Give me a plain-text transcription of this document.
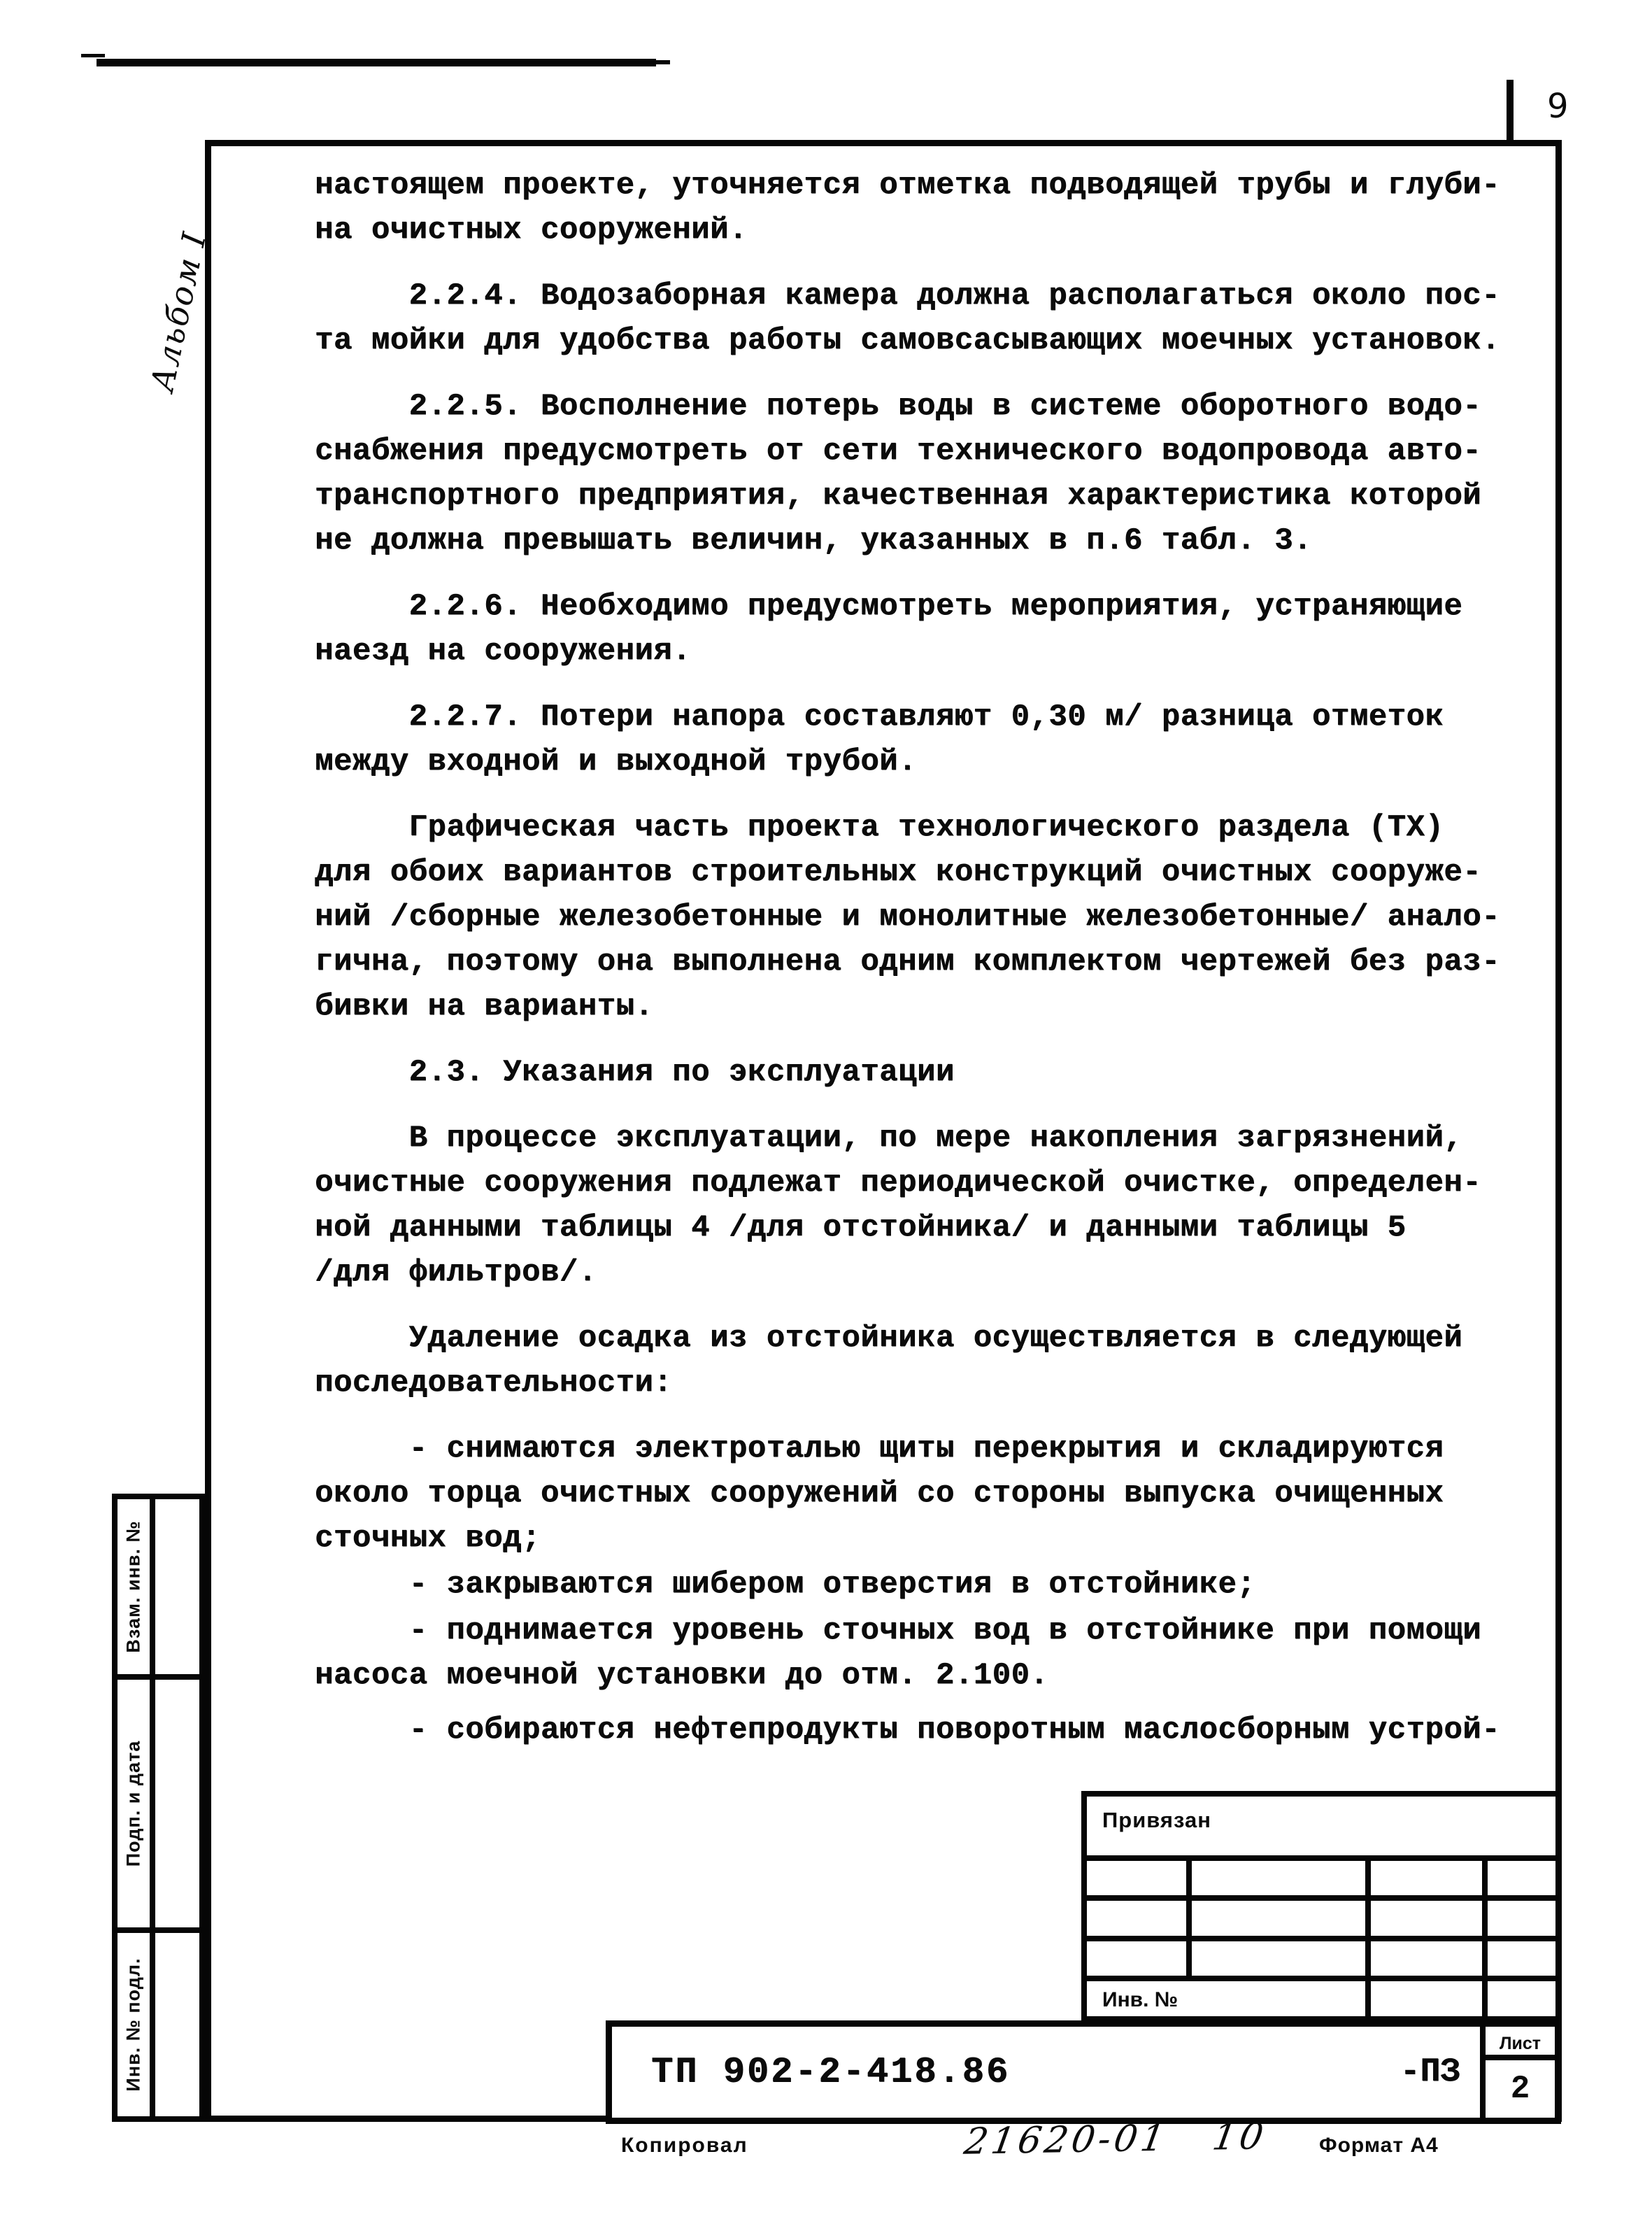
9
Альбом I
настоящем проекте, уточняется отметка подводящей трубы и глуби-
на очистных сооружений.
2.2.4. Водозаборная камера должна располагаться около пос-
та мойки для удобства работы самовсасывающих моечных установок.
2.2.5. Восполнение потерь воды в системе оборотного водо-
снабжения предусмотреть от сети технического водопровода авто-
транспортного предприятия, качественная характеристика которой
не должна превышать величин, указанных в п.6 табл. 3.
2.2.6. Необходимо предусмотреть мероприятия, устраняющие
наезд на сооружения.
2.2.7. Потери напора составляют 0,30 м/ разница отметок
между входной и выходной трубой.
Графическая часть проекта технологического раздела (ТХ)
для обоих вариантов строительных конструкций очистных сооруже-
ний /сборные железобетонные и монолитные железобетонные/ анало-
гична, поэтому она выполнена одним комплектом чертежей без раз-
бивки на варианты.
2.3. Указания по эксплуатации
В процессе эксплуатации, по мере накопления загрязнений,
очистные сооружения подлежат периодической очистке, определен-
ной данными таблицы 4 /для отстойника/ и данными таблицы 5
/для фильтров/.
Удаление осадка из отстойника осуществляется в следующей
последовательности:
- снимаются электроталью щиты перекрытия и складируются
около торца очистных сооружений со стороны выпуска очищенных
сточных вод;
- закрываются шибером отверстия в отстойнике;
- поднимается уровень сточных вод в отстойнике при помощи
насоса моечной установки до отм. 2.100.
- собираются нефтепродукты поворотным маслосборным устрой-
Взам. инв. №
Подп. и дата
Инв. № подл.
Привязан
Инв. №
ТП 902-2-418.86	-ПЗ
Лист
2
Копировал	21620-01   10 Формат А4
